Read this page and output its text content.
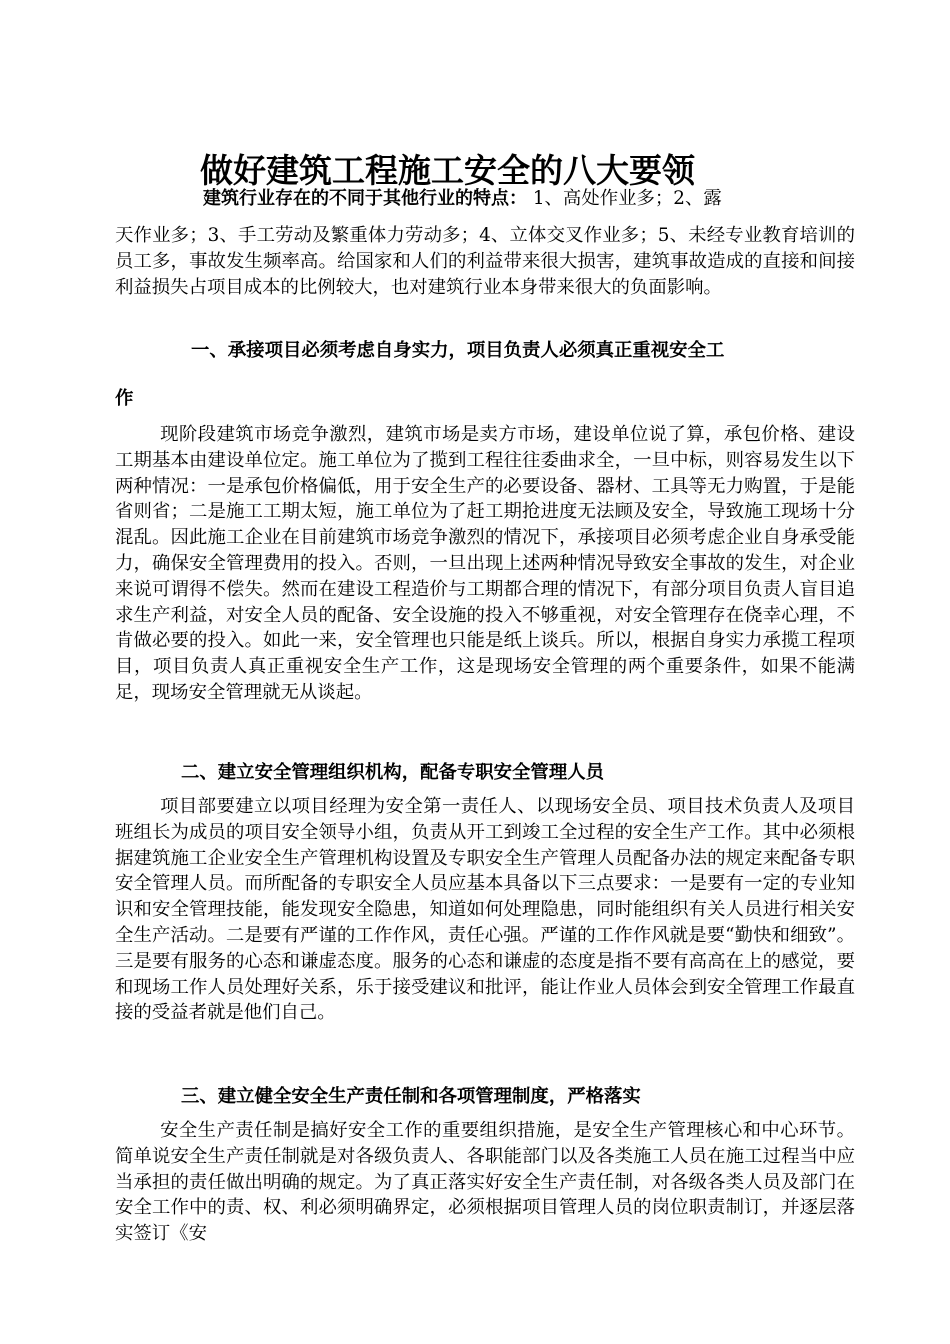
做好建筑工程施工安全的八大要领
建筑行业存在的不同于其他行业的特点： 1、高处作业多；2、露
天作业多；3、手工劳动及繁重体力劳动多；4、立体交叉作业多；5、未经专业教育培训的员工多，事故发生频率高。给国家和人们的利益带来很大损害，建筑事故造成的直接和间接利益损失占项目成本的比例较大，也对建筑行业本身带来很大的负面影响。
一、承接项目必须考虑自身实力，项目负责人必须真正重视安全工
作

现阶段建筑市场竞争激烈，建筑市场是卖方市场，建设单位说了算，承包价格、建设工期基本由建设单位定。施工单位为了揽到工程往往委曲求全，一旦中标，则容易发生以下两种情况：一是承包价格偏低，用于安全生产的必要设备、器材、工具等无力购置，于是能省则省；二是施工工期太短，施工单位为了赶工期抢进度无法顾及安全，导致施工现场十分混乱。因此施工企业在目前建筑市场竞争激烈的情况下，承接项目必须考虑企业自身承受能力，确保安全管理费用的投入。否则，一旦出现上述两种情况导致安全事故的发生，对企业来说可谓得不偿失。然而在建设工程造价与工期都合理的情况下，有部分项目负责人盲目追求生产利益，对安全人员的配备、安全设施的投入不够重视，对安全管理存在侥幸心理，不肯做必要的投入。如此一来，安全管理也只能是纸上谈兵。所以，根据自身实力承揽工程项目，项目负责人真正重视安全生产工作，这是现场安全管理的两个重要条件，如果不能满足，现场安全管理就无从谈起。

二、建立安全管理组织机构，配备专职安全管理人员

项目部要建立以项目经理为安全第一责任人、以现场安全员、项目技术负责人及项目班组长为成员的项目安全领导小组，负责从开工到竣工全过程的安全生产工作。其中必须根据建筑施工企业安全生产管理机构设置及专职安全生产管理人员配备办法的规定来配备专职安全管理人员。而所配备的专职安全人员应基本具备以下三点要求：一是要有一定的专业知识和安全管理技能，能发现安全隐患，知道如何处理隐患，同时能组织有关人员进行相关安全生产活动。二是要有严谨的工作作风，责任心强。严谨的工作作风就是要“勤快和细致”。三是要有服务的心态和谦虚态度。服务的心态和谦虚的态度是指不要有高高在上的感觉，要和现场工作人员处理好关系，乐于接受建议和批评，能让作业人员体会到安全管理工作最直接的受益者就是他们自己。

三、建立健全安全生产责任制和各项管理制度，严格落实

安全生产责任制是搞好安全工作的重要组织措施，是安全生产管理核心和中心环节。简单说安全生产责任制就是对各级负责人、各职能部门以及各类施工人员在施工过程当中应当承担的责任做出明确的规定。为了真正落实好安全生产责任制，对各级各类人员及部门在安全工作中的责、权、利必须明确界定，必须根据项目管理人员的岗位职责制订，并逐层落实签订《安
